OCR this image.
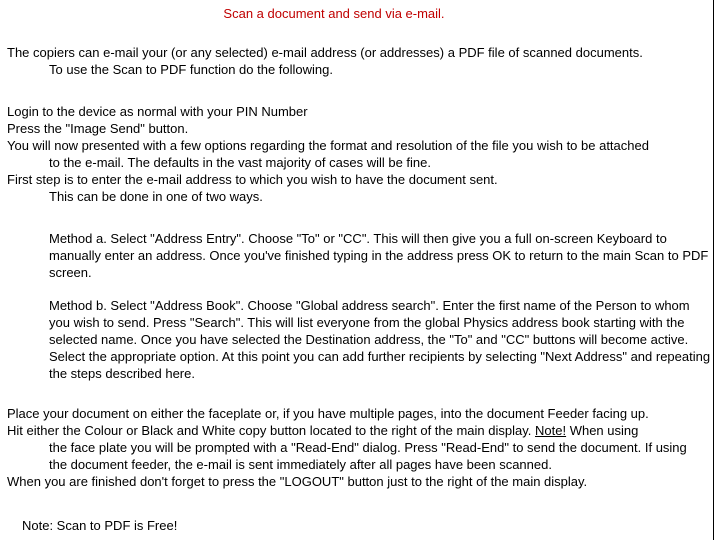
Scan a document and send via e-mail.
The copiers can e-mail your (or any selected) e-mail address (or addresses) a PDF file of scanned documents.
To use the Scan to PDF function do the following.
Login to the device as normal with your PIN Number
Press the "Image Send" button.
You will now presented with a few options regarding the format and resolution of the file you wish to be attached
to the e-mail. The defaults in the vast majority of cases will be fine.
First step is to enter the e-mail address to which you wish to have the document sent.
This can be done in one of two ways.

Method a. Select "Address Entry". Choose "To" or "CC". This will then give you a full on-screen Keyboard to manually enter an address. Once you've finished typing in the address press OK to return to the main Scan to PDF screen.

Method b. Select "Address Book". Choose "Global address search". Enter the first name of the Person to whom you wish to send. Press "Search". This will list everyone from the global Physics address book starting with the selected name. Once you have selected the Destination address, the "To" and "CC" buttons will become active. Select the appropriate option. At this point you can add further recipients by selecting "Next Address" and repeating the steps described here.

Place your document on either the faceplate or, if you have multiple pages, into the document Feeder facing up.
Hit either the Colour or Black and White copy button located to the right of the main display. Note! When using
the face plate you will be prompted with a "Read-End" dialog. Press "Read-End" to send the document. If using the document feeder, the e-mail is sent immediately after all pages have been scanned.
When you are finished don't forget to press the "LOGOUT" button just to the right of the main display.
Note: Scan to PDF is Free!
